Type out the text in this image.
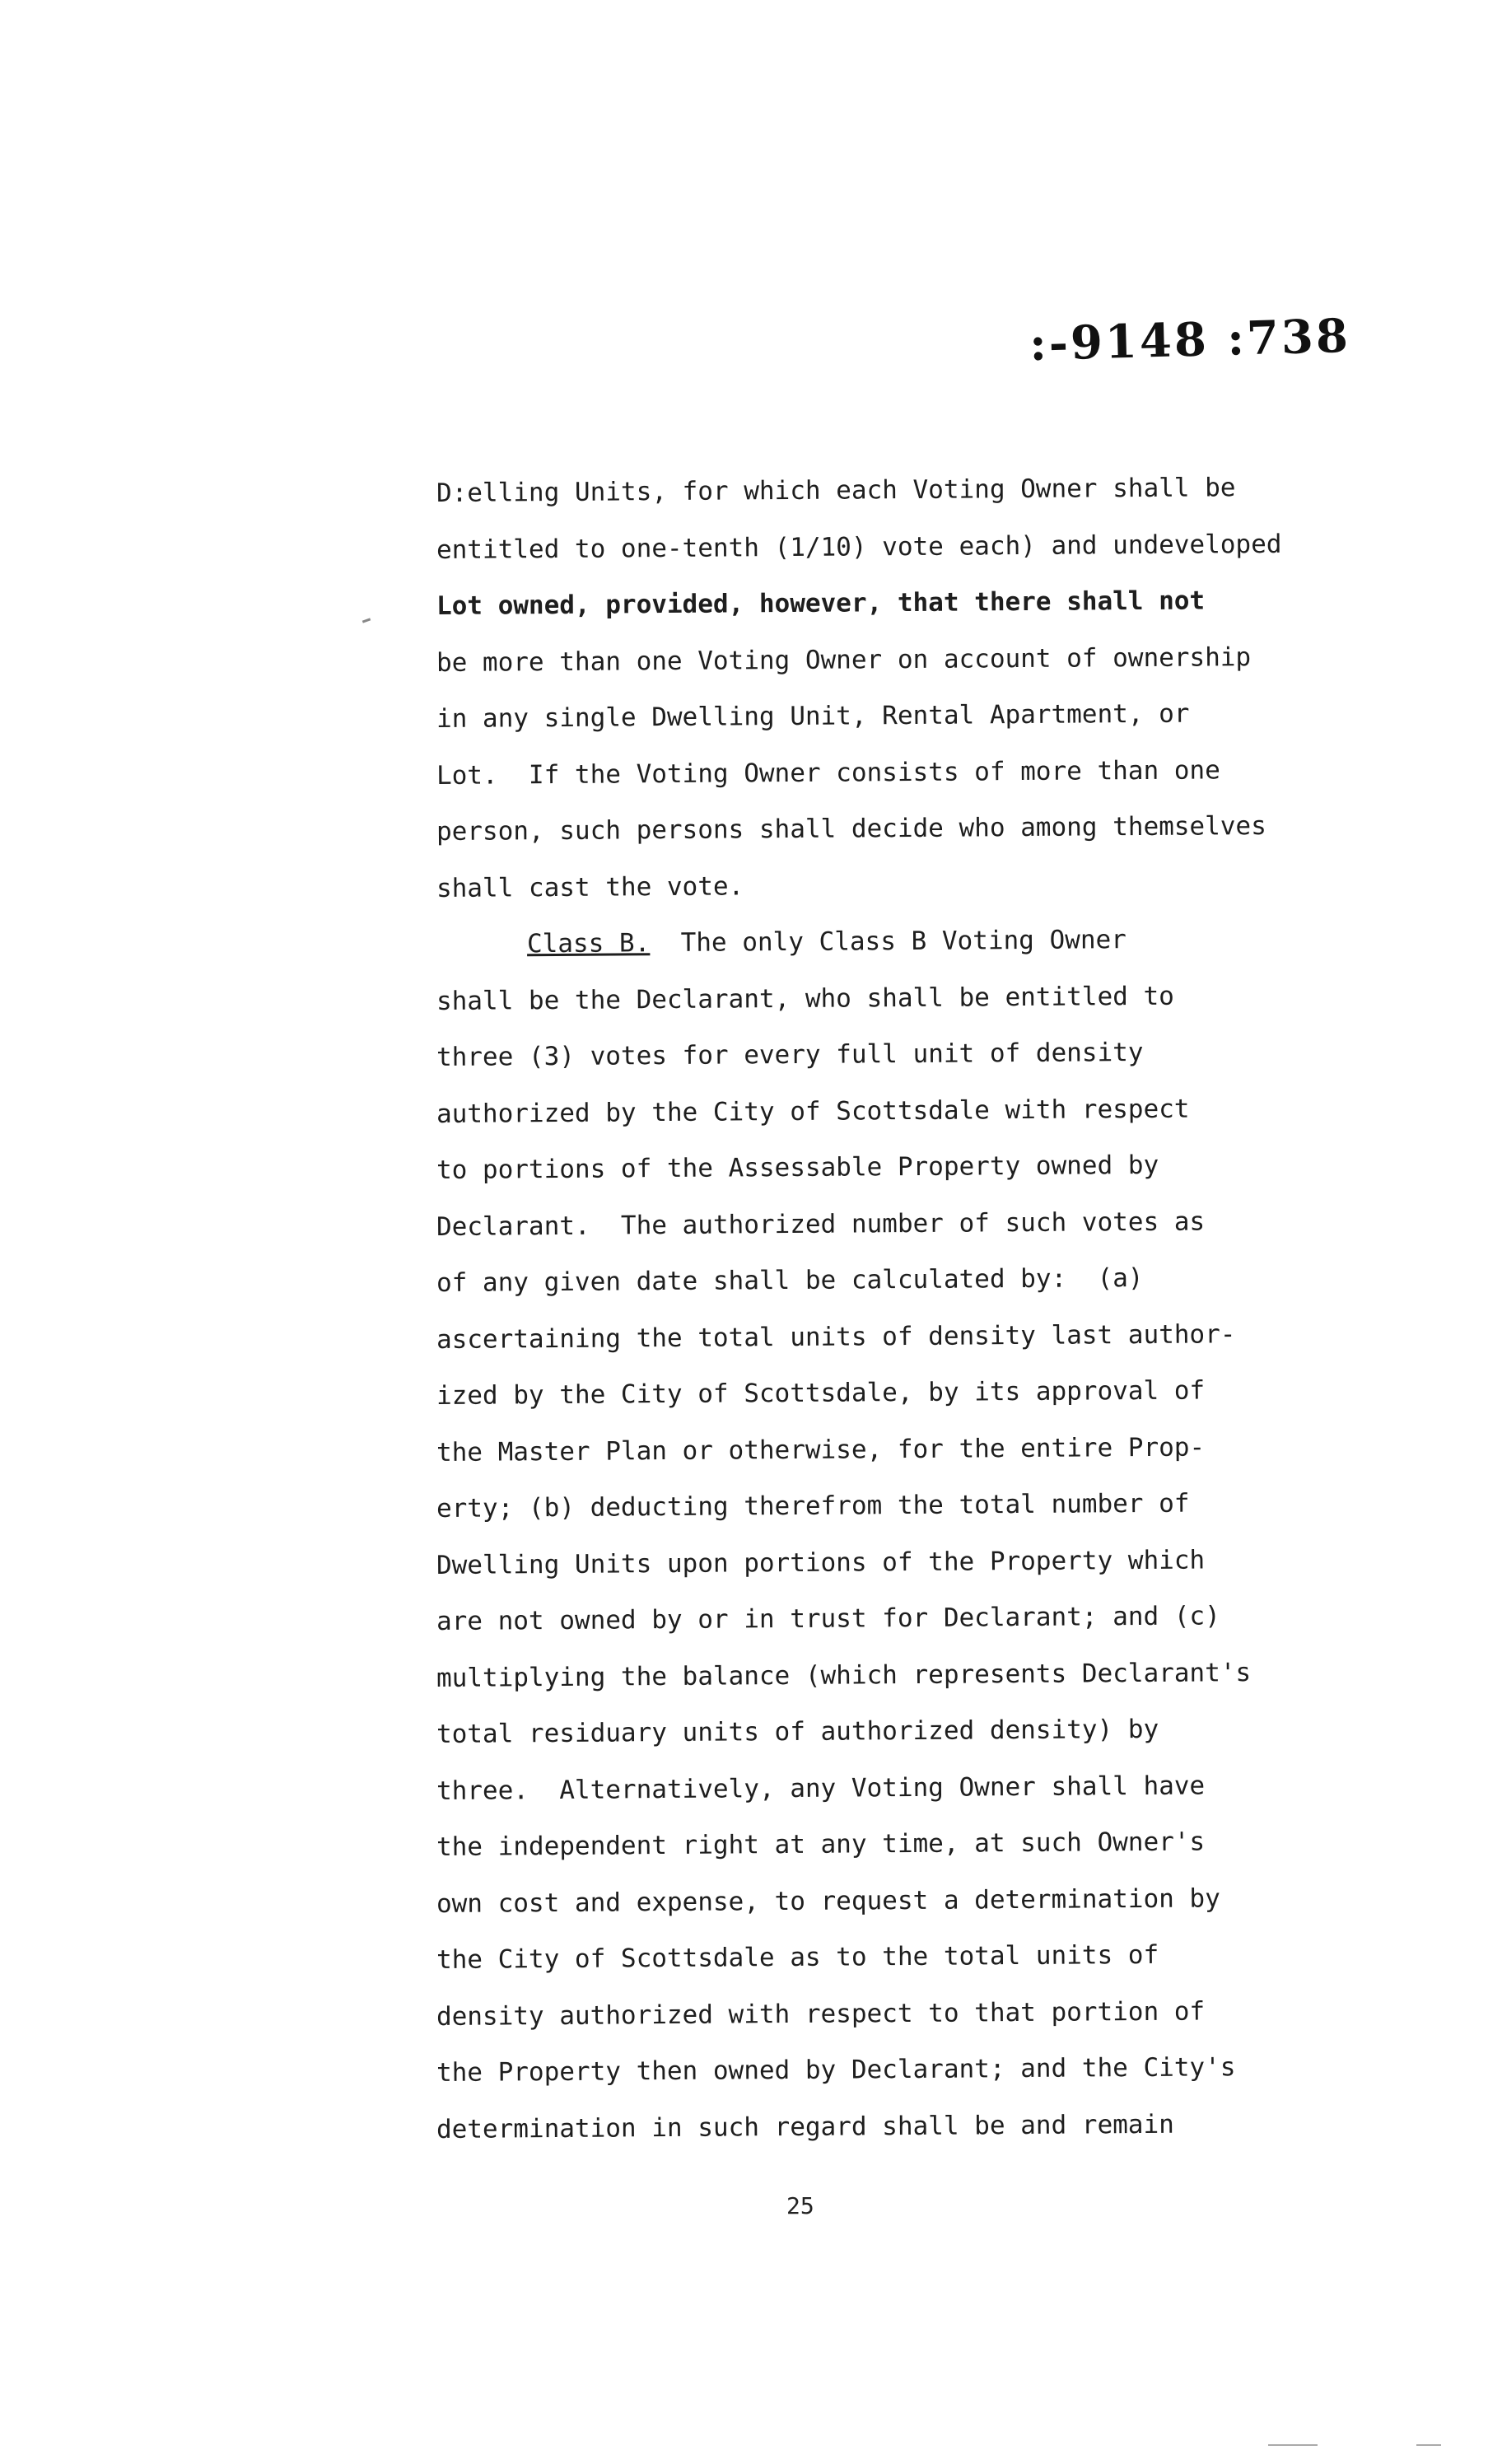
:-9148 :738
D:elling Units, for which each Voting Owner shall be
entitled to one-tenth (1/10) vote each) and undeveloped
Lot owned, provided, however, that there shall not
be more than one Voting Owner on account of ownership
in any single Dwelling Unit, Rental Apartment, or
Lot.  If the Voting Owner consists of more than one
person, such persons shall decide who among themselves
shall cast the vote.
Class B.  The only Class B Voting Owner
shall be the Declarant, who shall be entitled to
three (3) votes for every full unit of density
authorized by the City of Scottsdale with respect
to portions of the Assessable Property owned by
Declarant.  The authorized number of such votes as
of any given date shall be calculated by:  (a)
ascertaining the total units of density last author-
ized by the City of Scottsdale, by its approval of
the Master Plan or otherwise, for the entire Prop-
erty; (b) deducting therefrom the total number of
Dwelling Units upon portions of the Property which
are not owned by or in trust for Declarant; and (c)
multiplying the balance (which represents Declarant's
total residuary units of authorized density) by
three.  Alternatively, any Voting Owner shall have
the independent right at any time, at such Owner's
own cost and expense, to request a determination by
the City of Scottsdale as to the total units of
density authorized with respect to that portion of
the Property then owned by Declarant; and the City's
determination in such regard shall be and remain
25
